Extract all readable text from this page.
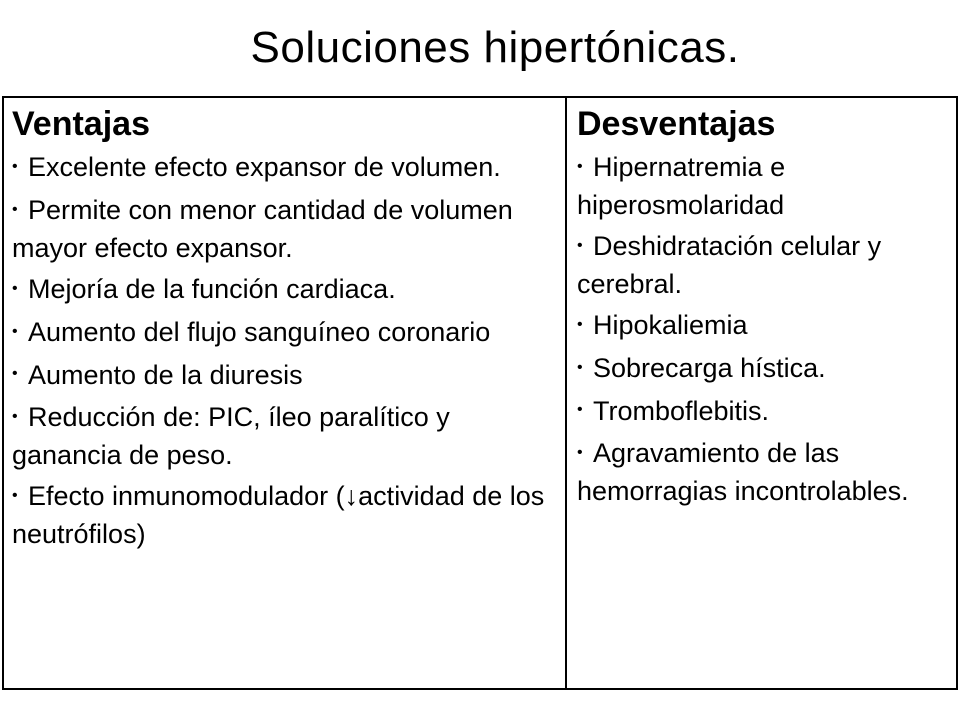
Soluciones hipertónicas.
Ventajas
• Excelente efecto expansor de volumen.
• Permite con menor cantidad de volumen mayor efecto expansor.
• Mejoría de la función cardiaca.
• Aumento del flujo sanguíneo coronario
• Aumento de la diuresis
• Reducción de: PIC, íleo paralítico y ganancia de peso.
• Efecto inmunomodulador (↓actividad de los neutrófilos)
Desventajas
• Hipernatremia e hiperosmolaridad
• Deshidratación celular y cerebral.
• Hipokaliemia
• Sobrecarga hística.
• Tromboflebitis.
• Agravamiento de las hemorragias incontrolables.
